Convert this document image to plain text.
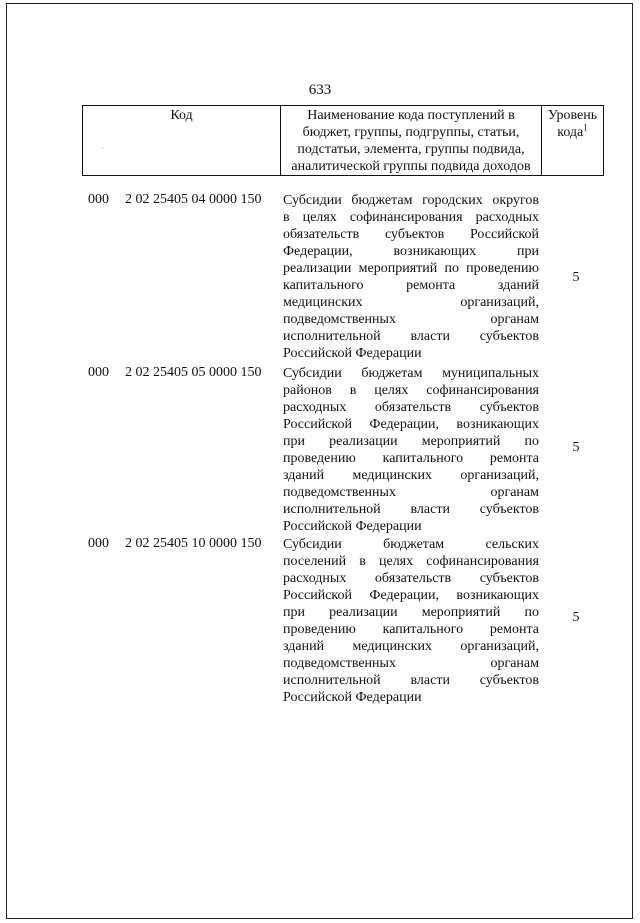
633
Код
·
Наименование кода поступлений в
бюджет, группы, подгруппы, статьи,
подстатьи, элемента, группы подвида,
аналитической группы подвида доходов
Уровень
кода$^1$
000 2 02 25405 04 0000 150 Субсидии бюджетам городских округов
в целях софинансирования расходных
обязательств субъектов Российской
Федерации, возникающих при
реализации мероприятий по проведению
капитального ремонта зданий
медицинских организаций,
подведомственных органам
исполнительной власти субъектов
Российской Федерации
5
000 2 02 25405 05 0000 150 Субсидии бюджетам муниципальных
районов в целях софинансирования
расходных обязательств субъектов
Российской Федерации, возникающих
при реализации мероприятий по
проведению капитального ремонта
зданий медицинских организаций,
подведомственных органам
исполнительной власти субъектов
Российской Федерации
5
000 2 02 25405 10 0000 150 Субсидии бюджетам сельских
поселений в целях софинансирования
расходных обязательств субъектов
Российской Федерации, возникающих
при реализации мероприятий по
проведению капитального ремонта
зданий медицинских организаций,
подведомственных органам
исполнительной власти субъектов
Российской Федерации
5
